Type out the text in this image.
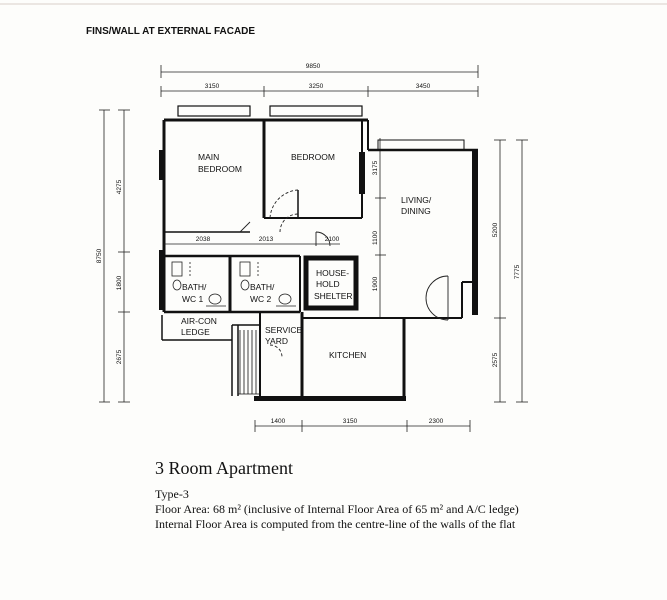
FINS/WALL AT EXTERNAL FACADE
9850
3150	3250	3450
8750
4275
1800
2675
3175
1100
1900
5200
7775
2575
1400	3150	2300
MAIN BEDROOM
BEDROOM
LIVING/ DINING
BATH/ WC 1
BATH/ WC 2
HOUSE- HOLD SHELTER
AIR-CON LEDGE	SERVICE YARD
KITCHEN
2038	2013	2100

3 Room Apartment

Type-3

Floor Area: 68 m² (inclusive of Internal Floor Area of 65 m² and A/C ledge)

Internal Floor Area is computed from the centre-line of the walls of the flat
